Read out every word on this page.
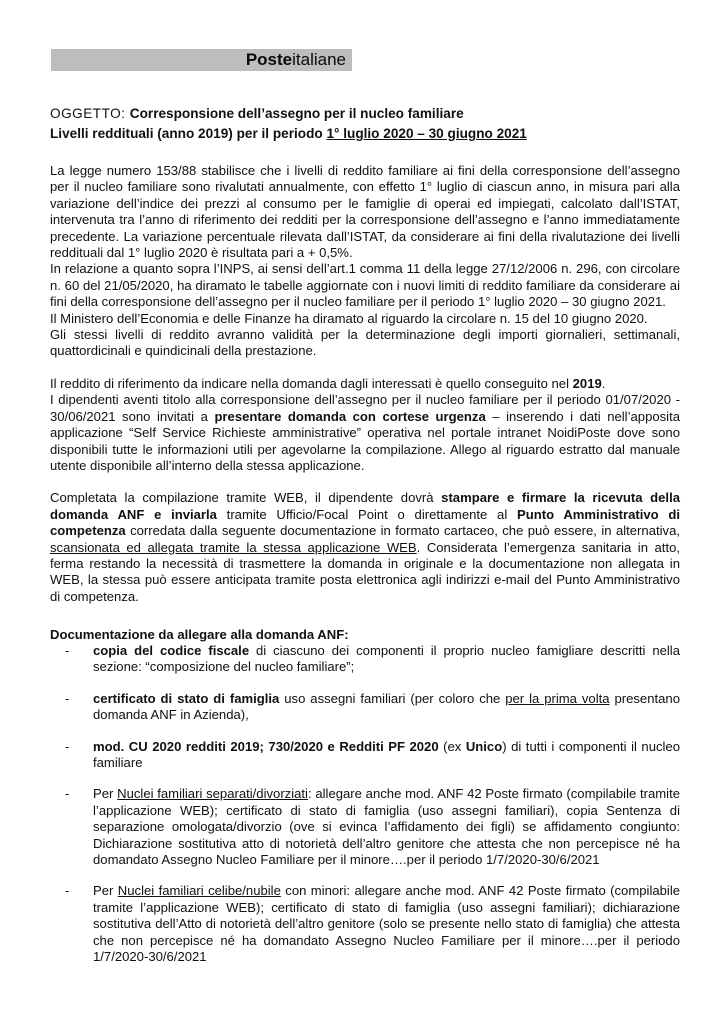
Posteitaliane
OGGETTO: Corresponsione dell’assegno per il nucleo familiare
Livelli reddituali (anno 2019) per il periodo 1° luglio 2020 – 30 giugno 2021

La legge numero 153/88 stabilisce che i livelli di reddito familiare ai fini della corresponsione dell’assegno per il nucleo familiare sono rivalutati annualmente, con effetto 1° luglio di ciascun anno, in misura pari alla variazione dell’indice dei prezzi al consumo per le famiglie di operai ed impiegati, calcolato dall’ISTAT, intervenuta tra l’anno di riferimento dei redditi per la corresponsione dell’assegno e l’anno immediatamente precedente. La variazione percentuale rilevata dall’ISTAT, da considerare ai fini della rivalutazione dei livelli reddituali dal 1° luglio 2020 è risultata pari a + 0,5%.

In relazione a quanto sopra l’INPS, ai sensi dell’art.1 comma 11 della legge 27/12/2006 n. 296, con circolare n. 60 del 21/05/2020, ha diramato le tabelle aggiornate con i nuovi limiti di reddito familiare da considerare ai fini della corresponsione dell’assegno per il nucleo familiare per il periodo 1° luglio 2020 – 30 giugno 2021.

Il Ministero dell’Economia e delle Finanze ha diramato al riguardo la circolare n. 15 del 10 giugno 2020.

Gli stessi livelli di reddito avranno validità per la determinazione degli importi giornalieri, settimanali, quattordicinali e quindicinali della prestazione.

Il reddito di riferimento da indicare nella domanda dagli interessati è quello conseguito nel 2019.

I dipendenti aventi titolo alla corresponsione dell’assegno per il nucleo familiare per il periodo 01/07/2020 - 30/06/2021 sono invitati a presentare domanda con cortese urgenza – inserendo i dati nell’apposita applicazione “Self Service Richieste amministrative” operativa nel portale intranet NoidiPoste dove sono disponibili tutte le informazioni utili per agevolarne la compilazione. Allego al riguardo estratto dal manuale utente disponibile all’interno della stessa applicazione.

Completata la compilazione tramite WEB, il dipendente dovrà stampare e firmare la ricevuta della domanda ANF e inviarla tramite Ufficio/Focal Point o direttamente al Punto Amministrativo di competenza corredata dalla seguente documentazione in formato cartaceo, che può essere, in alternativa, scansionata ed allegata tramite la stessa applicazione WEB. Considerata l’emergenza sanitaria in atto, ferma restando la necessità di trasmettere la domanda in originale e la documentazione non allegata in WEB, la stessa può essere anticipata tramite posta elettronica agli indirizzi e-mail del Punto Amministrativo di competenza.

Documentazione da allegare alla domanda ANF:
- copia del codice fiscale di ciascuno dei componenti il proprio nucleo famigliare descritti nella sezione: “composizione del nucleo familiare”;
- certificato di stato di famiglia uso assegni familiari (per coloro che per la prima volta presentano domanda ANF in Azienda),
- mod. CU 2020 redditi 2019; 730/2020 e Redditi PF 2020 (ex Unico) di tutti i componenti il nucleo familiare
- Per Nuclei familiari separati/divorziati: allegare anche mod. ANF 42 Poste firmato (compilabile tramite l’applicazione WEB); certificato di stato di famiglia (uso assegni familiari), copia Sentenza di separazione omologata/divorzio (ove si evinca l’affidamento dei figli) se affidamento congiunto: Dichiarazione sostitutiva atto di notorietà dell’altro genitore che attesta che non percepisce né ha domandato Assegno Nucleo Familiare per il minore….per il periodo 1/7/2020-30/6/2021
- Per Nuclei familiari celibe/nubile con minori: allegare anche mod. ANF 42 Poste firmato (compilabile tramite l’applicazione WEB); certificato di stato di famiglia (uso assegni familiari); dichiarazione sostitutiva dell’Atto di notorietà dell’altro genitore (solo se presente nello stato di famiglia) che attesta che non percepisce né ha domandato Assegno Nucleo Familiare per il minore….per il periodo 1/7/2020-30/6/2021
